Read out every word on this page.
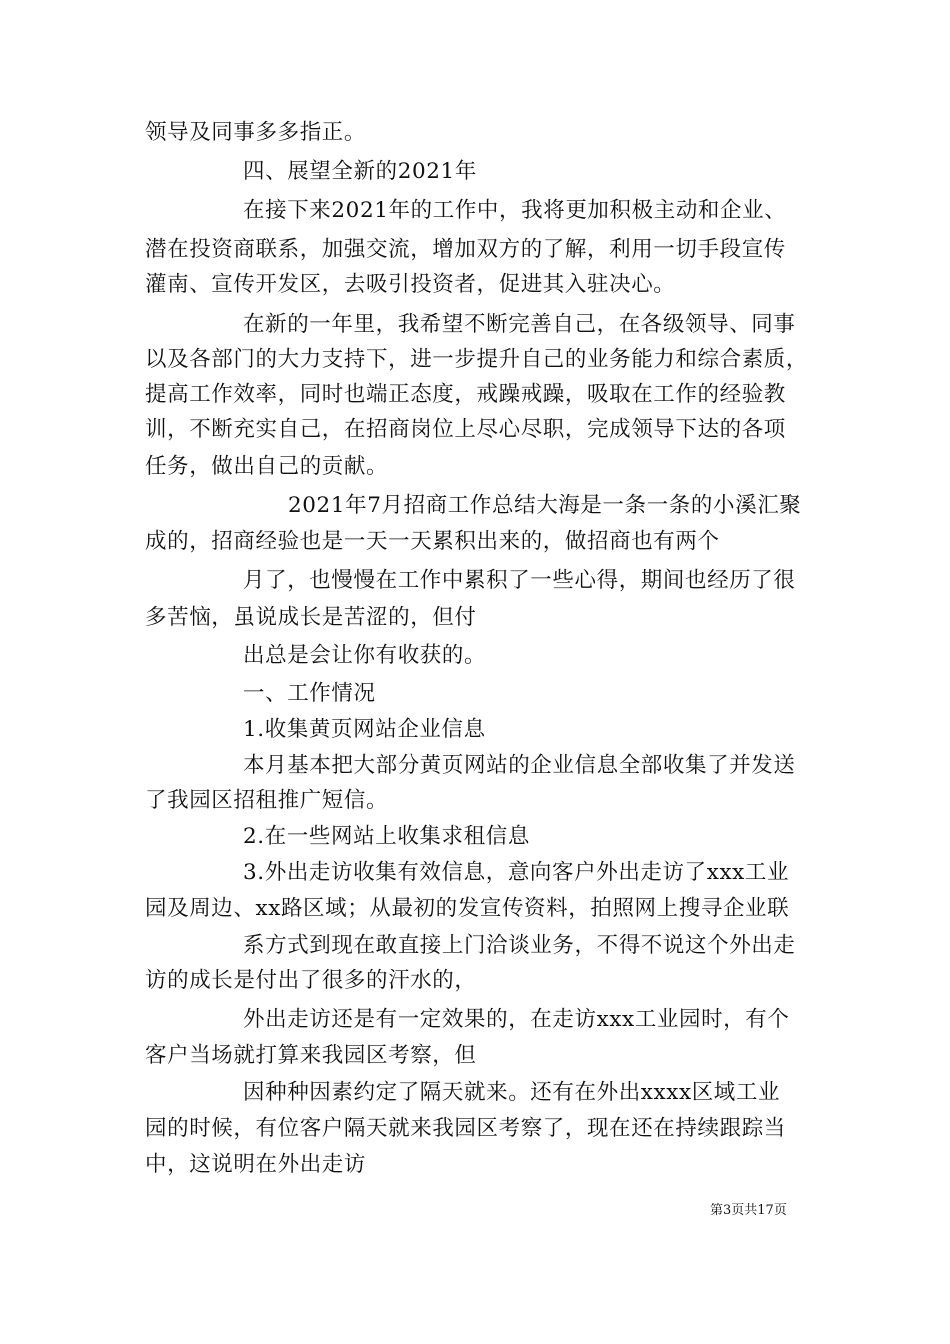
领导及同事多多指正。
四、展望全新的2021年
在接下来2021年的工作中，我将更加积极主动和企业、
潜在投资商联系，加强交流，增加双方的了解，利用一切手段宣传
灌南、宣传开发区，去吸引投资者，促进其入驻决心。
在新的一年里，我希望不断完善自己，在各级领导、同事
以及各部门的大力支持下，进一步提升自己的业务能力和综合素质，
提高工作效率，同时也端正态度，戒躁戒躁，吸取在工作的经验教
训，不断充实自己，在招商岗位上尽心尽职，完成领导下达的各项
任务，做出自己的贡献。
2021年7月招商工作总结大海是一条一条的小溪汇聚
成的，招商经验也是一天一天累积出来的，做招商也有两个
月了，也慢慢在工作中累积了一些心得，期间也经历了很
多苦恼，虽说成长是苦涩的，但付
出总是会让你有收获的。
一、工作情况
1.收集黄页网站企业信息
本月基本把大部分黄页网站的企业信息全部收集了并发送
了我园区招租推广短信。
2.在一些网站上收集求租信息
3.外出走访收集有效信息，意向客户外出走访了xxx工业
园及周边、xx路区域；从最初的发宣传资料，拍照网上搜寻企业联
系方式到现在敢直接上门洽谈业务，不得不说这个外出走
访的成长是付出了很多的汗水的，
外出走访还是有一定效果的，在走访xxx工业园时，有个
客户当场就打算来我园区考察，但
因种种因素约定了隔天就来。还有在外出xxxx区域工业
园的时候，有位客户隔天就来我园区考察了，现在还在持续跟踪当
中，这说明在外出走访
第3页共17页
